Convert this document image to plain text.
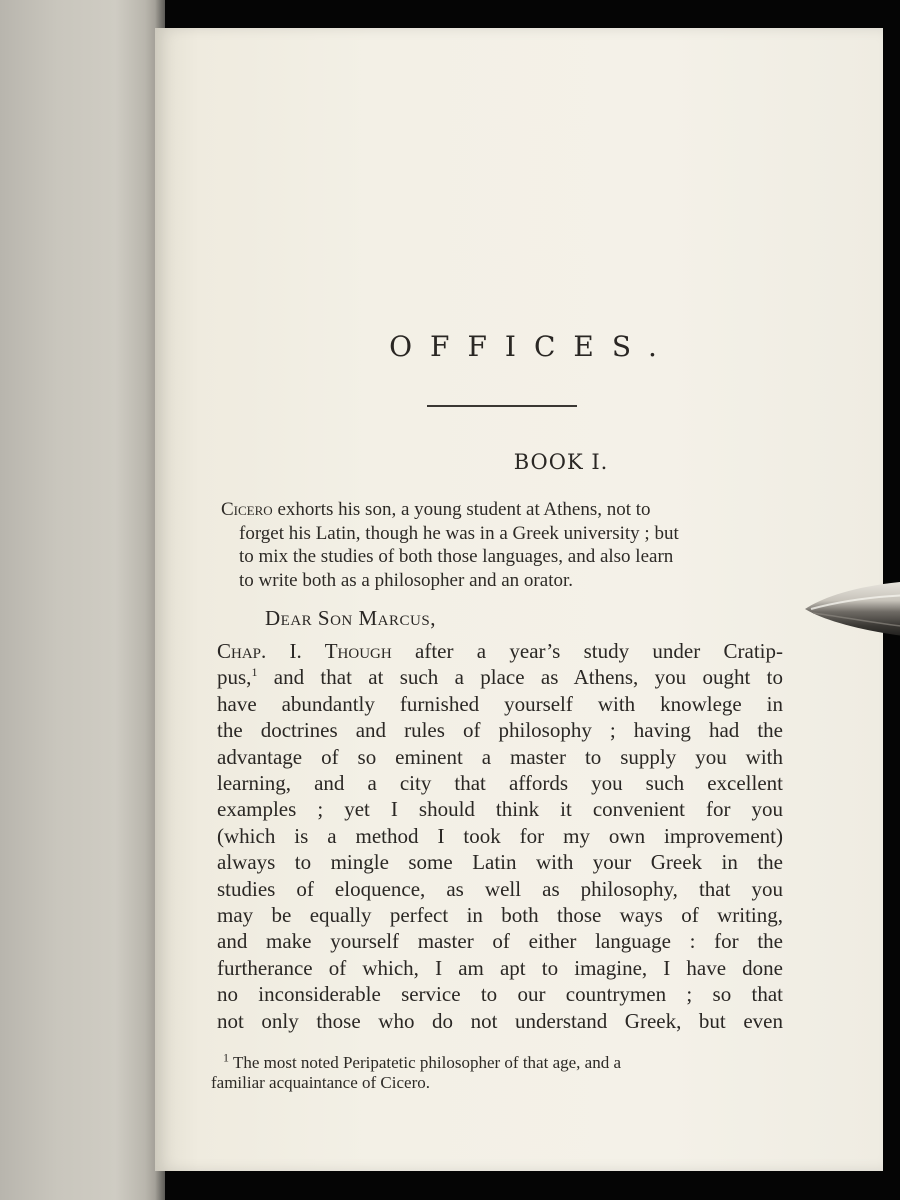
OFFICES.
BOOK I.
Cicero exhorts his son, a young student at Athens, not to
forget his Latin, though he was in a Greek university ; but
to mix the studies of both those languages, and also learn
to write both as a philosopher and an orator.
Dear Son Marcus,
Chap. I. Though after a year’s study under Cratip-
pus,$^1$ and that at such a place as Athens, you ought to
have abundantly furnished yourself with knowlege in
the doctrines and rules of philosophy ; having had the
advantage of so eminent a master to supply you with
learning, and a city that affords you such excellent
examples ; yet I should think it convenient for you
(which is a method I took for my own improvement)
always to mingle some Latin with your Greek in the
studies of eloquence, as well as philosophy, that you
may be equally perfect in both those ways of writing,
and make yourself master of either language : for the
furtherance of which, I am apt to imagine, I have done
no inconsiderable service to our countrymen ; so that
not only those who do not understand Greek, but even
$^1$ The most noted Peripatetic philosopher of that age, and a
familiar acquaintance of Cicero.
